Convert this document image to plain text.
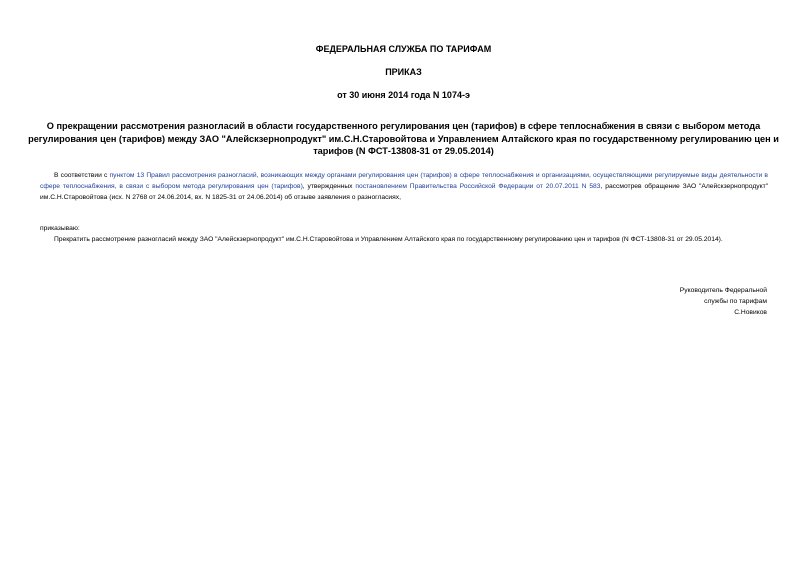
ФЕДЕРАЛЬНАЯ СЛУЖБА ПО ТАРИФАМ
ПРИКАЗ
от 30 июня 2014 года N 1074-э
О прекращении рассмотрения разногласий в области государственного регулирования цен (тарифов) в сфере теплоснабжения в связи с выбором метода регулирования цен (тарифов) между ЗАО "Алейскзернопродукт" им.С.Н.Старовойтова и Управлением Алтайского края по государственному регулированию цен и тарифов (N ФСТ-13808-31 от 29.05.2014)
В соответствии с пунктом 13 Правил рассмотрения разногласий, возникающих между органами регулирования цен (тарифов) в сфере теплоснабжения и организациями, осуществляющими регулируемые виды деятельности в сфере теплоснабжения, в связи с выбором метода регулирования цен (тарифов), утвержденных постановлением Правительства Российской Федерации от 20.07.2011 N 583, рассмотрев обращение ЗАО "Алейскзернопродукт" им.С.Н.Старовойтова (исх. N 2768 от 24.06.2014, вх. N 1825-31 от 24.06.2014) об отзыве заявления о разногласиях,
приказываю:
Прекратить рассмотрение разногласий между ЗАО "Алейскзернопродукт" им.С.Н.Старовойтова и Управлением Алтайского края по государственному регулированию цен и тарифов (N ФСТ-13808-31 от 29.05.2014).
Руководитель Федеральной
службы по тарифам
С.Новиков
